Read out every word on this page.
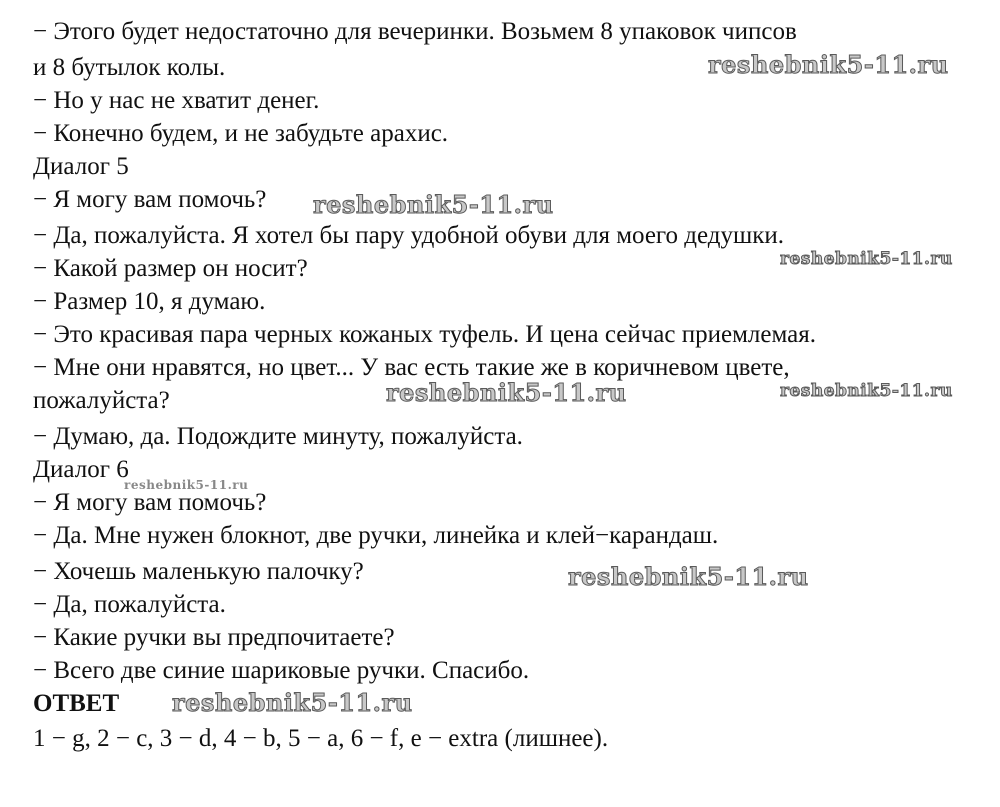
− Этого будет недостаточно для вечеринки. Возьмем 8 упаковок чипсов
и 8 бутылок колы.
− Но у нас не хватит денег.
− Конечно будем, и не забудьте арахис.
Диалог 5
− Я могу вам помочь?
− Да, пожалуйста. Я хотел бы пару удобной обуви для моего дедушки.
− Какой размер он носит?
− Размер 10, я думаю.
− Это красивая пара черных кожаных туфель. И цена сейчас приемлемая.
− Мне они нравятся, но цвет... У вас есть такие же в коричневом цвете,
пожалуйста?
− Думаю, да. Подождите минуту, пожалуйста.
Диалог 6
− Я могу вам помочь?
− Да. Мне нужен блокнот, две ручки, линейка и клей−карандаш.
− Хочешь маленькую палочку?
− Да, пожалуйста.
− Какие ручки вы предпочитаете?
− Всего две синие шариковые ручки. Спасибо.
ОТВЕТ
1 − g, 2 − c, 3 − d, 4 − b, 5 − a, 6 − f, e − extra (лишнее).
reshebnik5-11.ru
reshebnik5-11.ru
reshebnik5-11.ru
reshebnik5-11.ru	reshebnik5-11.ru
reshebnik5-11.ru
reshebnik5-11.ru
reshebnik5-11.ru
